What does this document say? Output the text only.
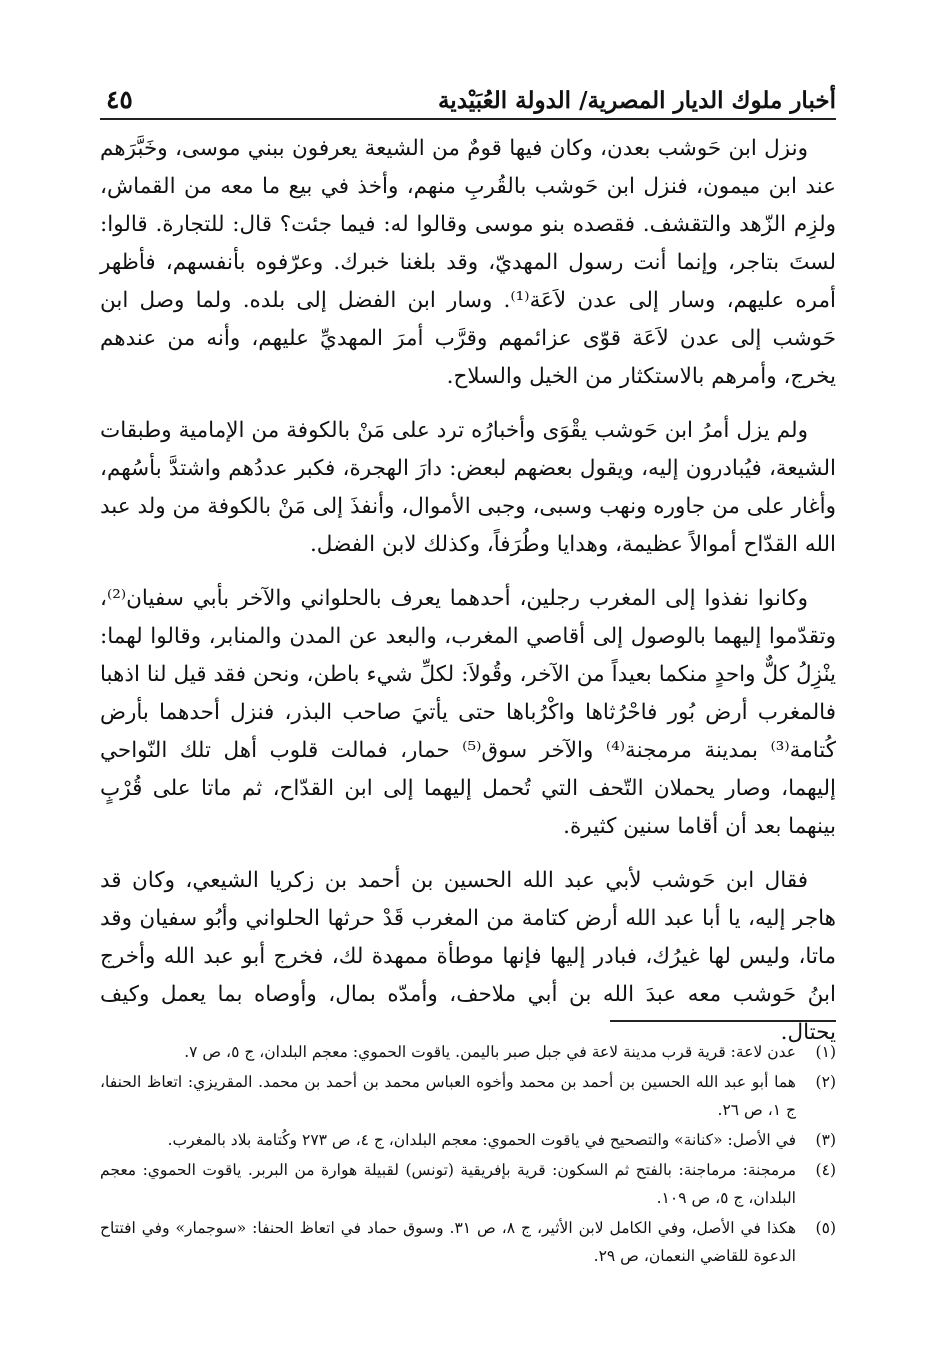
أخبار ملوك الديار المصرية/ الدولة العُبَيْدية
٤٥

ونزل ابن حَوشب بعدن، وكان فيها قومٌ من الشيعة يعرفون ببني موسى، وخَبَّرَهم عند ابن ميمون، فنزل ابن حَوشب بالقُربِ منهم، وأخذ في بيع ما معه من القماش، ولزِم الزّهد والتقشف. فقصده بنو موسى وقالوا له: فيما جئت؟ قال: للتجارة. قالوا: لستَ بتاجر، وإنما أنت رسول المهديّ، وقد بلغنا خبرك. وعرّفوه بأنفسهم، فأظهر أمره عليهم، وسار إلى عدن لاَعَة⁽¹⁾. وسار ابن الفضل إلى بلده. ولما وصل ابن حَوشب إلى عدن لاَعَة قوّى عزائمهم وقرَّب أمرَ المهديِّ عليهم، وأنه من عندهم يخرج، وأمرهم بالاستكثار من الخيل والسلاح.

ولم يزل أمرُ ابن حَوشب يقْوَى وأخبارُه ترد على مَنْ بالكوفة من الإمامية وطبقات الشيعة، فيُبادرون إليه، ويقول بعضهم لبعض: دارَ الهجرة، فكبر عددُهم واشتدَّ بأسُهم، وأغار على من جاوره ونهب وسبى، وجبى الأموال، وأنفذَ إلى مَنْ بالكوفة من ولد عبد الله القدّاح أموالاً عظيمة، وهدايا وطُرَفاً، وكذلك لابن الفضل.

وكانوا نفذوا إلى المغرب رجلين، أحدهما يعرف بالحلواني والآخر بأبي سفيان⁽²⁾، وتقدّموا إليهما بالوصول إلى أقاصي المغرب، والبعد عن المدن والمنابر، وقالوا لهما: ينْزِلُ كلٌّ واحدٍ منكما بعيداً من الآخر، وقُولاَ: لكلِّ شيء باطن، ونحن فقد قيل لنا اذهبا فالمغرب أرض بُور فاحْرُثاها واكْرُباها حتى يأتيَ صاحب البذر، فنزل أحدهما بأرض كُتامة⁽³⁾ بمدينة مرمجنة⁽⁴⁾ والآخر سوق⁽⁵⁾ حمار، فمالت قلوب أهل تلك النّواحي إليهما، وصار يحملان التّحف التي تُحمل إليهما إلى ابن القدّاح، ثم ماتا على قُرْبٍ بينهما بعد أن أقاما سنين كثيرة.

فقال ابن حَوشب لأبي عبد الله الحسين بن أحمد بن زكريا الشيعي، وكان قد هاجر إليه، يا أبا عبد الله أرض كتامة من المغرب قَدْ حرثها الحلواني وأبُو سفيان وقد ماتا، وليس لها غيرُك، فبادر إليها فإنها موطأة ممهدة لك، فخرج أبو عبد الله وأخرج ابنُ حَوشب معه عبدَ الله بن أبي ملاحف، وأمدّه بمال، وأوصاه بما يعمل وكيف يحتال.

(١)
عدن لاعة: قرية قرب مدينة لاعة في جبل صبر باليمن. ياقوت الحموي: معجم البلدان، ج ٥، ص ٧.
(٢)
هما أبو عبد الله الحسين بن أحمد بن محمد وأخوه العباس محمد بن أحمد بن محمد. المقريزي: اتعاظ الحنفا، ج ١، ص ٢٦.
(٣)
في الأصل: «كنانة» والتصحيح في ياقوت الحموي: معجم البلدان، ج ٤، ص ٢٧٣ وكُتامة بلاد بالمغرب.
(٤)
مرمجنة: مرماجنة: بالفتح ثم السكون: قرية بإفريقية (تونس) لقبيلة هوارة من البربر. ياقوت الحموي: معجم البلدان، ج ٥، ص ١٠٩.
(٥)
هكذا في الأصل، وفي الكامل لابن الأثير، ج ٨، ص ٣١. وسوق حماد في اتعاظ الحنفا: «سوجمار» وفي افتتاح الدعوة للقاضي النعمان، ص ٢٩.
